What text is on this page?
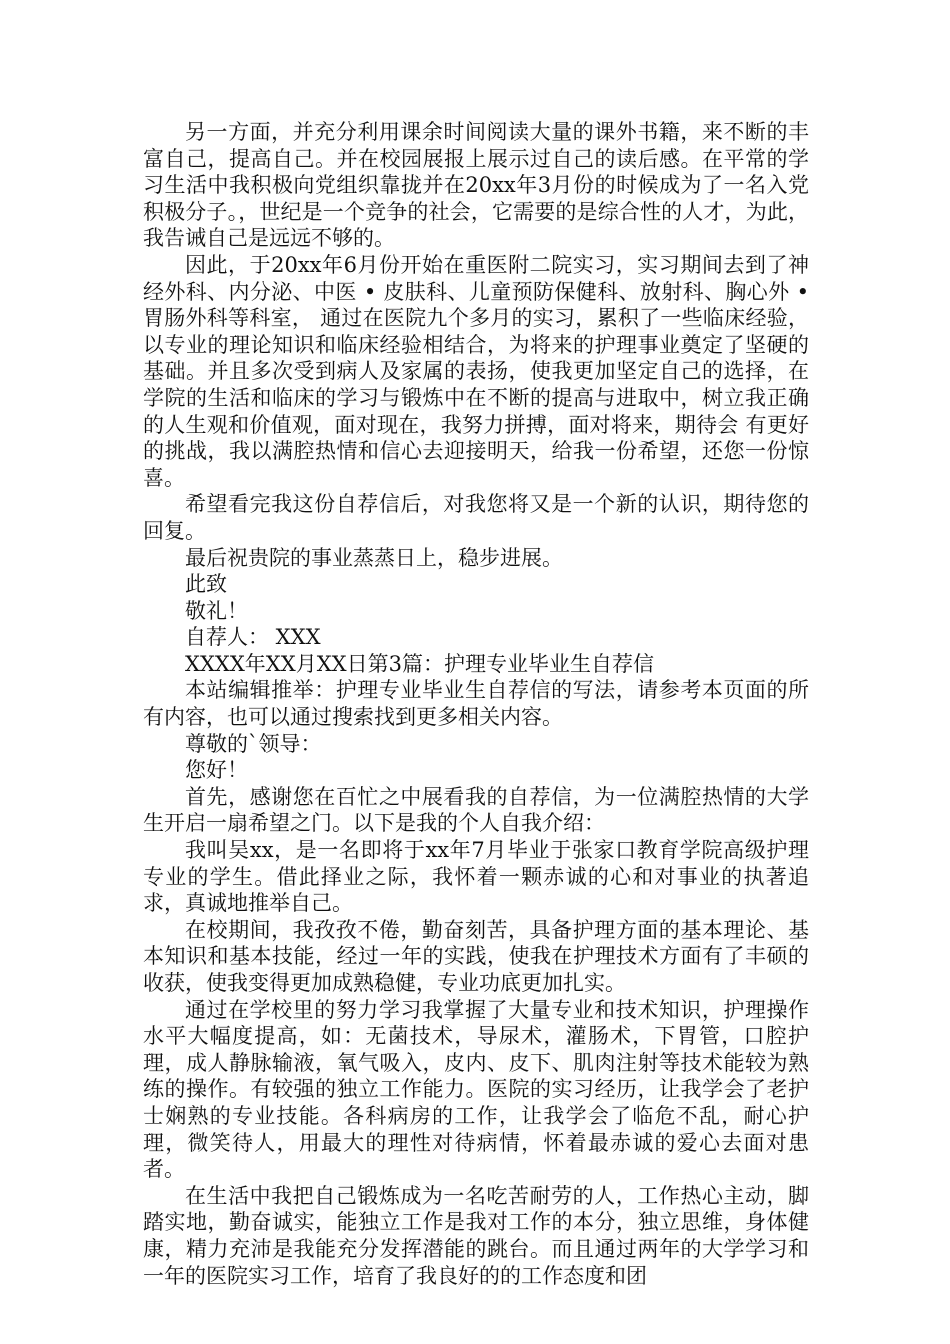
另一方面，并充分利用课余时间阅读大量的课外书籍，来不断的丰富自己，提高自己。并在校园展报上展示过自己的读后感。在平常的学习生活中我积极向党组织靠拢并在20xx年3月份的时候成为了一名入党积极分子。，世纪是一个竞争的社会，它需要的是综合性的人才，为此，我告诫自己是远远不够的。

因此，于20xx年6月份开始在重医附二院实习，实习期间去到了神经外科、内分泌、中医 • 皮肤科、儿童预防保健科、放射科、胸心外 • 胃肠外科等科室， 通过在医院九个多月的实习，累积了一些临床经验，以专业的理论知识和临床经验相结合，为将来的护理事业奠定了坚硬的基础。并且多次受到病人及家属的表扬，使我更加坚定自己的选择，在学院的生活和临床的学习与锻炼中在不断的提高与进取中，树立我正确的人生观和价值观，面对现在，我努力拼搏，面对将来，期待会 有更好的挑战，我以满腔热情和信心去迎接明天，给我一份希望，还您一份惊喜。

希望看完我这份自荐信后，对我您将又是一个新的认识，期待您的回复。

最后祝贵院的事业蒸蒸日上，稳步进展。

此致

敬礼！

自荐人： XXX

XXXX年XX月XX日第3篇：护理专业毕业生自荐信

本站编辑推举：护理专业毕业生自荐信的写法，请参考本页面的所有内容，也可以通过搜索找到更多相关内容。

尊敬的`领导：

您好！

首先，感谢您在百忙之中展看我的自荐信，为一位满腔热情的大学生开启一扇希望之门。以下是我的个人自我介绍：

我叫吴xx，是一名即将于xx年7月毕业于张家口教育学院高级护理专业的学生。借此择业之际，我怀着一颗赤诚的心和对事业的执著追求，真诚地推举自己。

在校期间，我孜孜不倦，勤奋刻苦，具备护理方面的基本理论、基本知识和基本技能，经过一年的实践，使我在护理技术方面有了丰硕的收获，使我变得更加成熟稳健，专业功底更加扎实。

通过在学校里的努力学习我掌握了大量专业和技术知识，护理操作水平大幅度提高，如：无菌技术，导尿术，灌肠术，下胃管，口腔护理，成人静脉输液，氧气吸入，皮内、皮下、肌肉注射等技术能较为熟练的操作。有较强的独立工作能力。医院的实习经历，让我学会了老护士娴熟的专业技能。各科病房的工作，让我学会了临危不乱，耐心护理，微笑待人，用最大的理性对待病情，怀着最赤诚的爱心去面对患者。

在生活中我把自己锻炼成为一名吃苦耐劳的人，工作热心主动，脚踏实地，勤奋诚实，能独立工作是我对工作的本分，独立思维，身体健康，精力充沛是我能充分发挥潜能的跳台。而且通过两年的大学学习和一年的医院实习工作，培育了我良好的的工作态度和团
